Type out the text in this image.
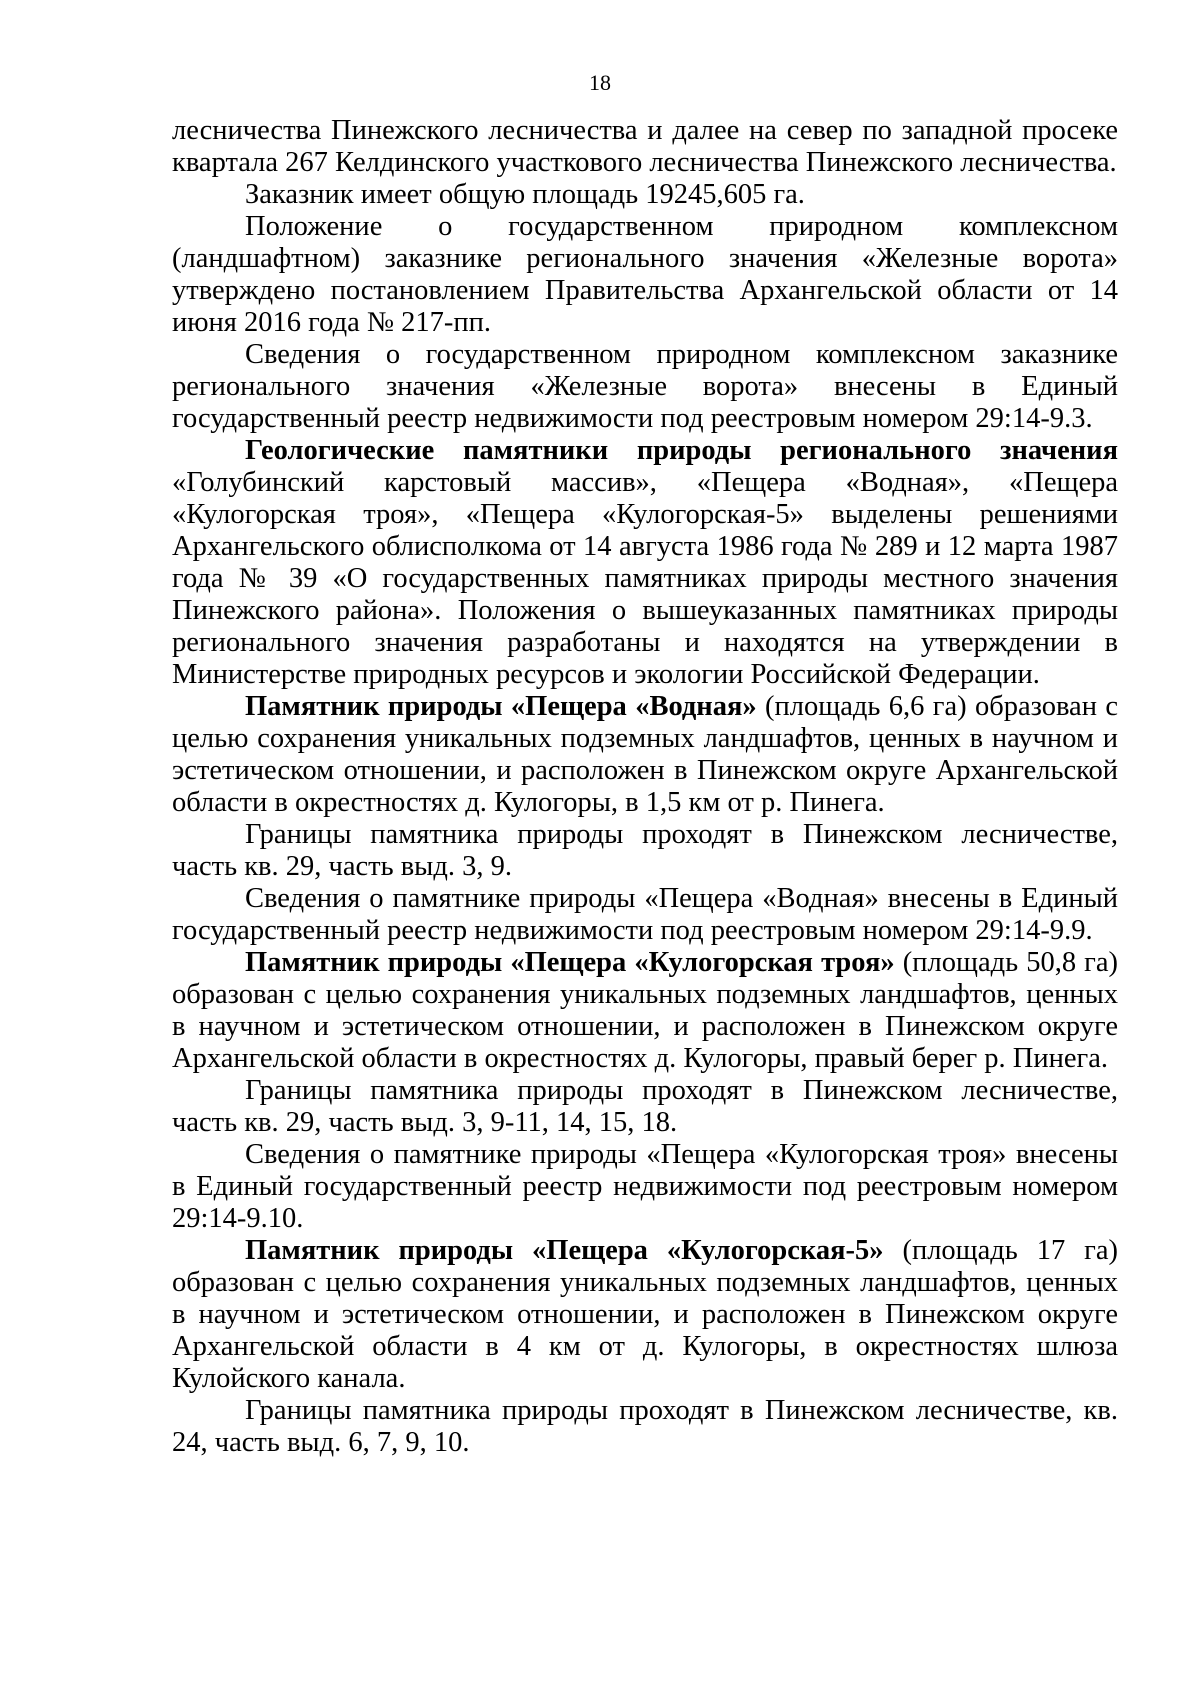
18

лесничества Пинежского лесничества и далее на север по западной просеке квартала 267 Келдинского участкового лесничества Пинежского лесничества.

Заказник имеет общую площадь 19245,605 га.

Положение о государственном природном комплексном (ландшафтном) заказнике регионального значения «Железные ворота» утверждено постановлением Правительства Архангельской области от 14 июня 2016 года № 217-пп.

Сведения о государственном природном комплексном заказнике регионального значения «Железные ворота» внесены в Единый государственный реестр недвижимости под реестровым номером 29:14-9.3.

Геологические памятники природы регионального значения «Голубинский карстовый массив», «Пещера «Водная», «Пещера «Кулогорская троя», «Пещера «Кулогорская-5» выделены решениями Архангельского облисполкома от 14 августа 1986 года № 289 и 12 марта 1987 года № 39 «О государственных памятниках природы местного значения Пинежского района». Положения о вышеуказанных памятниках природы регионального значения разработаны и находятся на утверждении в Министерстве природных ресурсов и экологии Российской Федерации.

Памятник природы «Пещера «Водная» (площадь 6,6 га) образован с целью сохранения уникальных подземных ландшафтов, ценных в научном и эстетическом отношении, и расположен в Пинежском округе Архангельской области в окрестностях д. Кулогоры, в 1,5 км от р. Пинега.

Границы памятника природы проходят в Пинежском лесничестве, часть кв. 29, часть выд. 3, 9.

Сведения о памятнике природы «Пещера «Водная» внесены в Единый государственный реестр недвижимости под реестровым номером 29:14-9.9.

Памятник природы «Пещера «Кулогорская троя» (площадь 50,8 га) образован с целью сохранения уникальных подземных ландшафтов, ценных в научном и эстетическом отношении, и расположен в Пинежском округе Архангельской области в окрестностях д. Кулогоры, правый берег р. Пинега.

Границы памятника природы проходят в Пинежском лесничестве, часть кв. 29, часть выд. 3, 9-11, 14, 15, 18.

Сведения о памятнике природы «Пещера «Кулогорская троя» внесены в Единый государственный реестр недвижимости под реестровым номером 29:14-9.10.

Памятник природы «Пещера «Кулогорская-5» (площадь 17 га) образован с целью сохранения уникальных подземных ландшафтов, ценных в научном и эстетическом отношении, и расположен в Пинежском округе Архангельской области в 4 км от д. Кулогоры, в окрестностях шлюза Кулойского канала.

Границы памятника природы проходят в Пинежском лесничестве, кв. 24, часть выд. 6, 7, 9, 10.
